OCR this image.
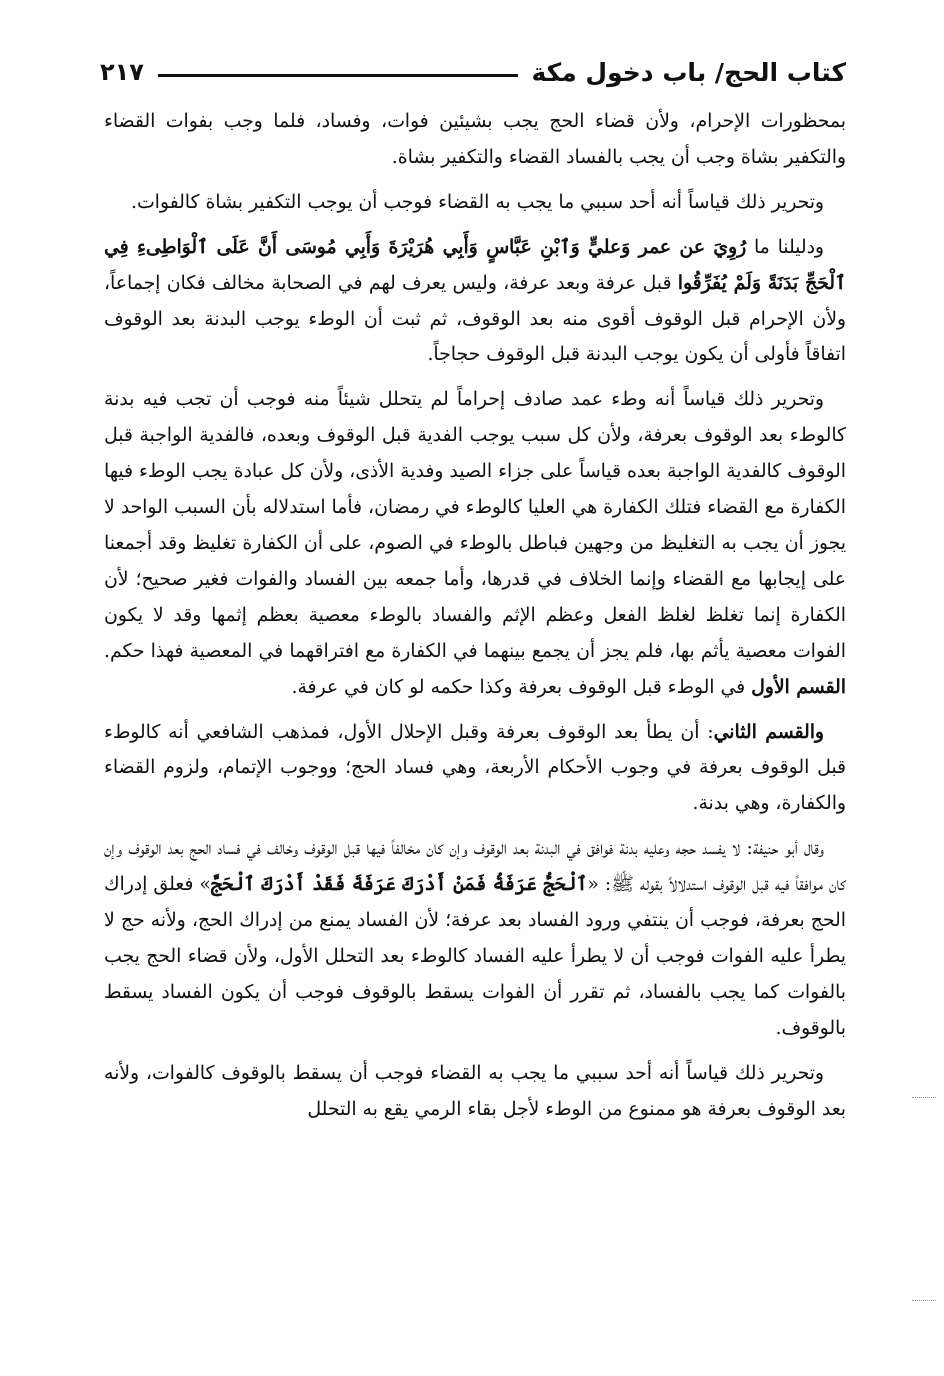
كتاب الحج/ باب دخول مكة
٢١٧

بمحظورات الإحرام، ولأن قضاء الحج يجب بشيئين فوات، وفساد، فلما وجب بفوات القضاء والتكفير بشاة وجب أن يجب بالفساد القضاء والتكفير بشاة.

وتحرير ذلك قياساً أنه أحد سببي ما يجب به القضاء فوجب أن يوجب التكفير بشاة كالفوات.

ودليلنا ما رُوِيَ عن عمر وَعليٍّ وَٱبْنِ عَبَّاسٍ وَأَبِي هُرَيْرَةَ وَأَبِي مُوسَى أَنَّ عَلَى ٱلْوَاطِىءِ فِي ٱلْحَجِّ بَدَنَةً وَلَمْ يُفَرِّقُوا قبل عرفة وبعد عرفة، وليس يعرف لهم في الصحابة مخالف فكان إجماعاً، ولأن الإحرام قبل الوقوف أقوى منه بعد الوقوف، ثم ثبت أن الوطء يوجب البدنة بعد الوقوف اتفاقاً فأولى أن يكون يوجب البدنة قبل الوقوف حجاجاً.

وتحرير ذلك قياساً أنه وطء عمد صادف إحراماً لم يتحلل شيئاً منه فوجب أن تجب فيه بدنة كالوطء بعد الوقوف بعرفة، ولأن كل سبب يوجب الفدية قبل الوقوف وبعده، فالفدية الواجبة قبل الوقوف كالفدية الواجبة بعده قياساً على جزاء الصيد وفدية الأذى، ولأن كل عبادة يجب الوطء فيها الكفارة مع القضاء فتلك الكفارة هي العليا كالوطء في رمضان، فأما استدلاله بأن السبب الواحد لا يجوز أن يجب به التغليظ من وجهين فباطل بالوطء في الصوم، على أن الكفارة تغليظ وقد أجمعنا على إيجابها مع القضاء وإنما الخلاف في قدرها، وأما جمعه بين الفساد والفوات فغير صحيح؛ لأن الكفارة إنما تغلظ لغلظ الفعل وعظم الإثم والفساد بالوطء معصية بعظم إثمها وقد لا يكون الفوات معصية يأثم بها، فلم يجز أن يجمع بينهما في الكفارة مع افتراقهما في المعصية فهذا حكم. القسم الأول في الوطء قبل الوقوف بعرفة وكذا حكمه لو كان في عرفة.

والقسم الثاني: أن يطأ بعد الوقوف بعرفة وقبل الإحلال الأول، فمذهب الشافعي أنه كالوطء قبل الوقوف بعرفة في وجوب الأحكام الأربعة، وهي فساد الحج؛ ووجوب الإتمام، ولزوم القضاء والكفارة، وهي بدنة.

وقال أبو حنيفة: لا يفسد حجه وعليه بدنة فوافق في البدنة بعد الوقوف وإن كان مخالفاً فيها قبل الوقوف وخالف في فساد الحج بعد الوقوف وإن كان موافقاً فيه قبل الوقوف استدلالاً بقوله ﷺ: «ٱلْحَجُّ عَرَفَةُ فَمَنْ أَدْرَكَ عَرَفَةَ فَقَدْ أَدْرَكَ ٱلْحَجَّ» فعلق إدراك الحج بعرفة، فوجب أن ينتفي ورود الفساد بعد عرفة؛ لأن الفساد يمنع من إدراك الحج، ولأنه حج لا يطرأ عليه الفوات فوجب أن لا يطرأ عليه الفساد كالوطء بعد التحلل الأول، ولأن قضاء الحج يجب بالفوات كما يجب بالفساد، ثم تقرر أن الفوات يسقط بالوقوف فوجب أن يكون الفساد يسقط بالوقوف.

وتحرير ذلك قياساً أنه أحد سببي ما يجب به القضاء فوجب أن يسقط بالوقوف كالفوات، ولأنه بعد الوقوف بعرفة هو ممنوع من الوطء لأجل بقاء الرمي يقع به التحلل
